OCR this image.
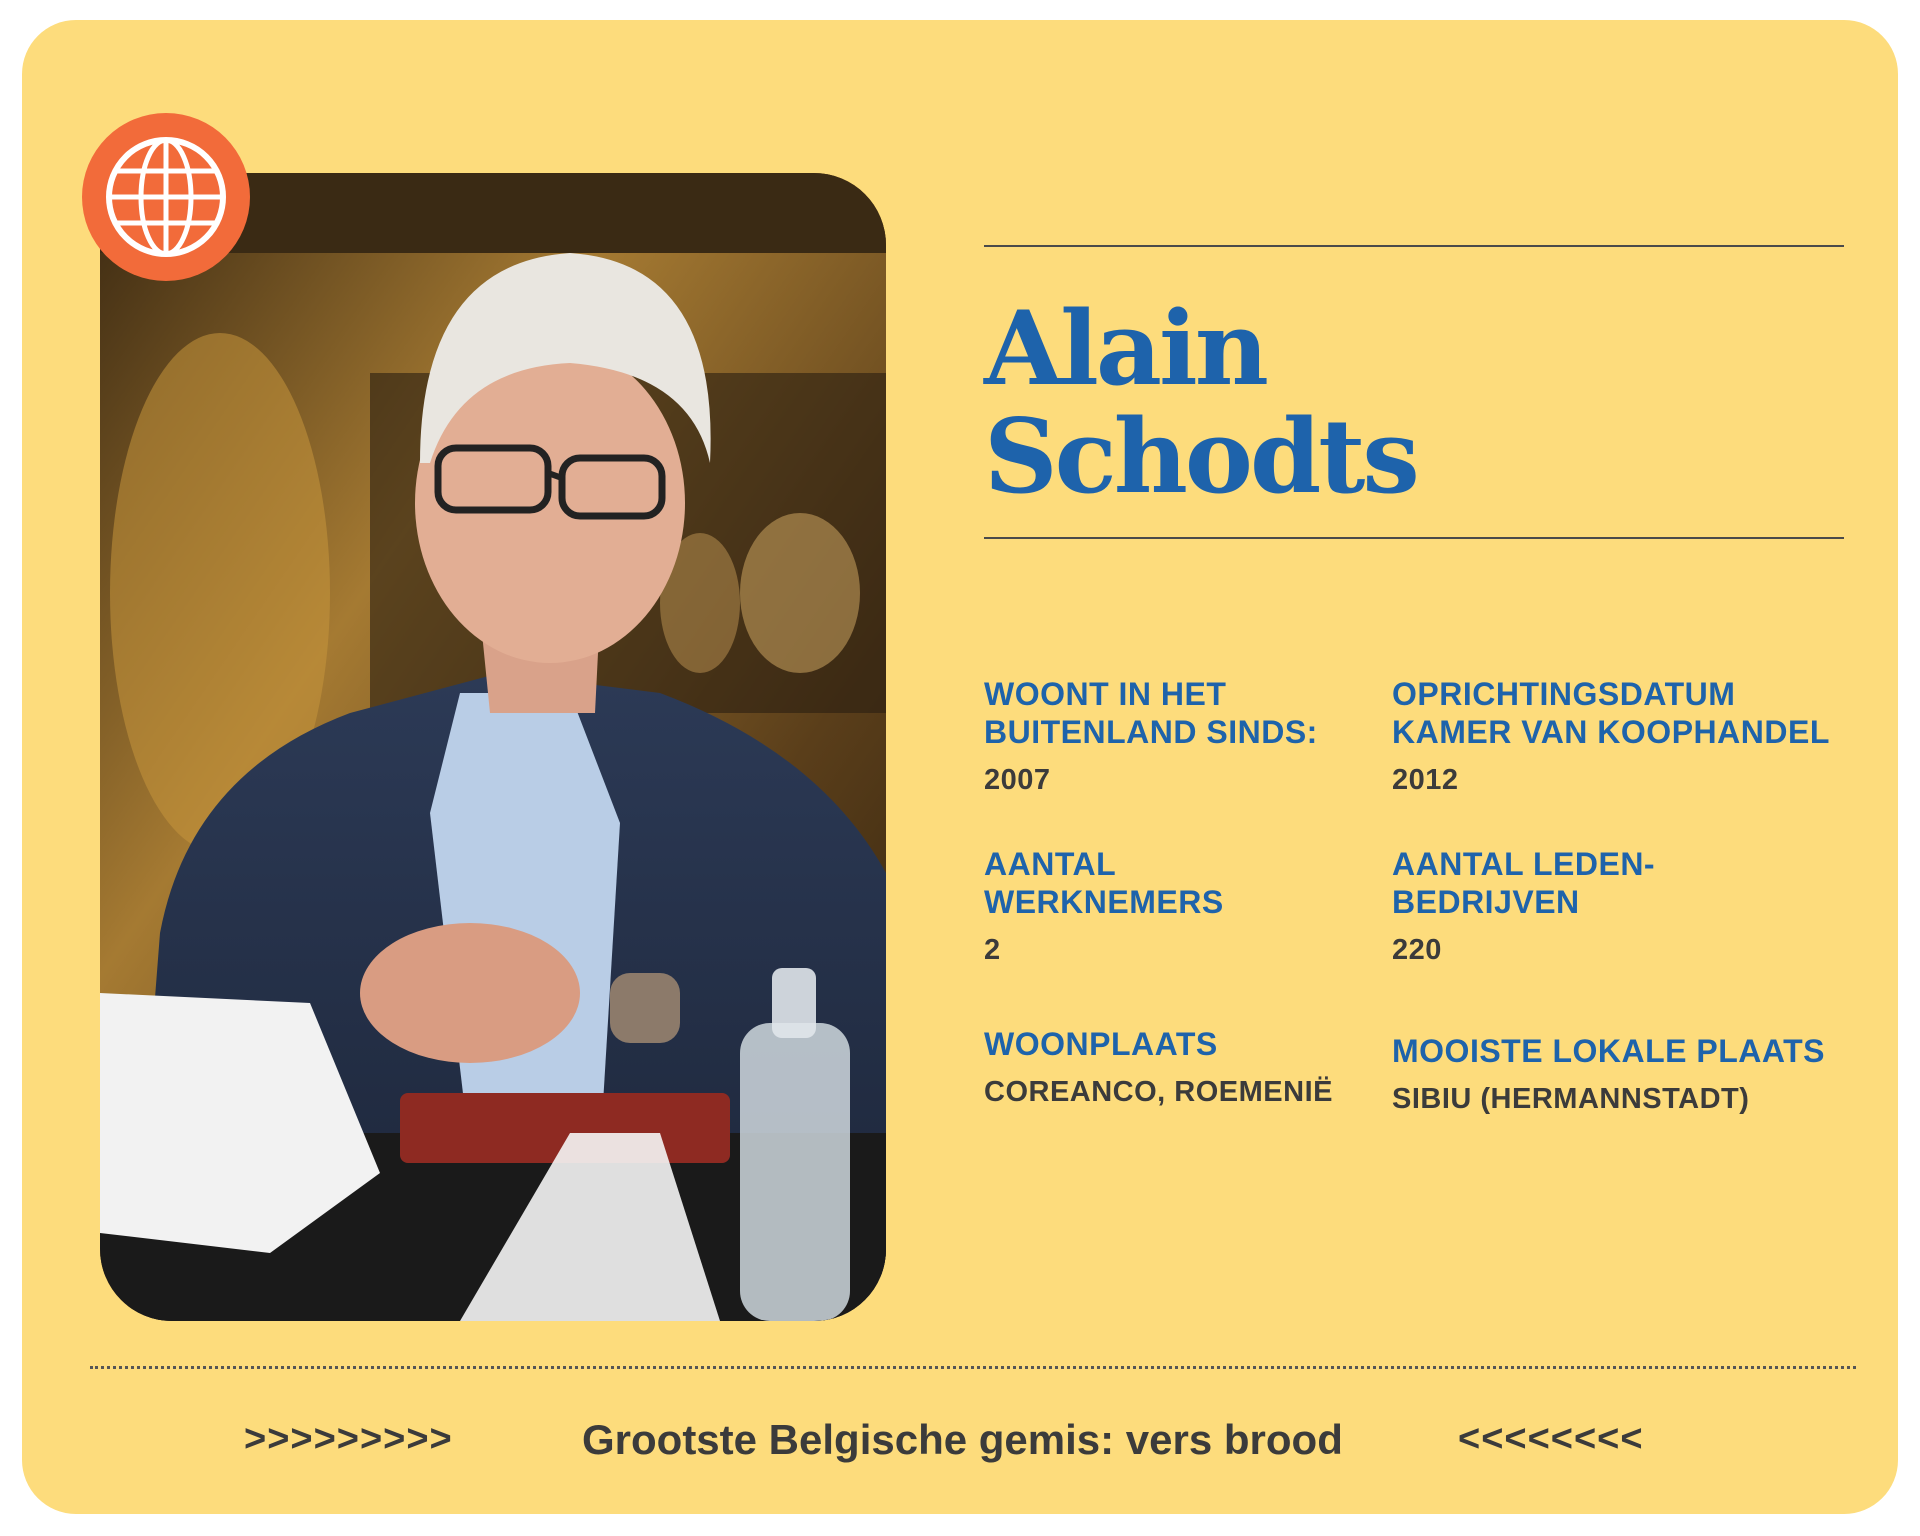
Alain
Schodts
WOONT IN HET BUITENLAND SINDS:
2007
OPRICHTINGSDATUM KAMER VAN KOOPHANDEL
2012
AANTAL WERKNEMERS
2
AANTAL LEDEN-BEDRIJVEN
220
WOONPLAATS
COREANCO, ROEMENIË
MOOISTE LOKALE PLAATS
SIBIU (HERMANNSTADT)
>>>>>>>>>	Grootste Belgische gemis: vers brood	<<<<<<<<
